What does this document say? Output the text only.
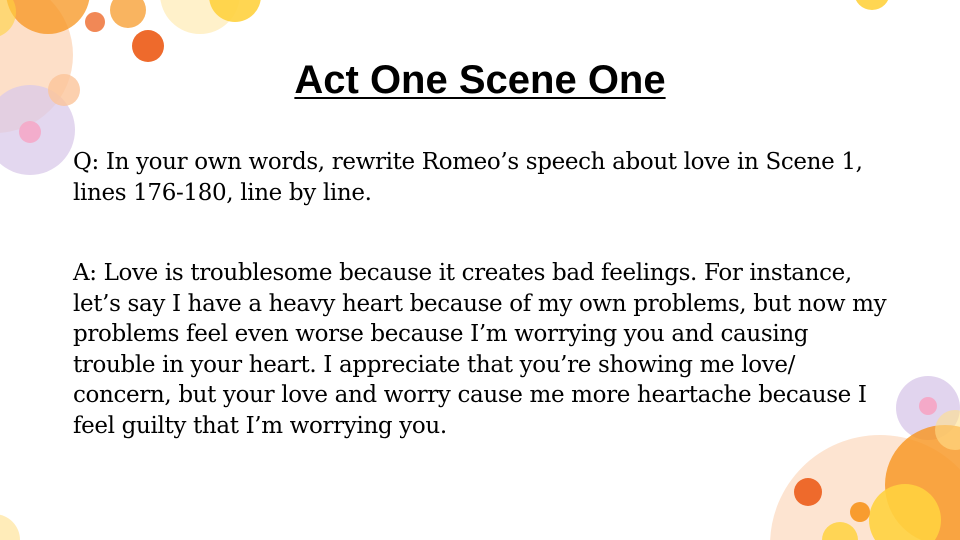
Act One Scene One
Q: In your own words, rewrite Romeo’s speech about love in Scene 1, lines 176-180, line by line.
A: Love is troublesome because it creates bad feelings. For instance, let’s say I have a heavy heart because of my own problems, but now my problems feel even worse because I’m worrying you and causing trouble in your heart. I appreciate that you’re showing me love/ concern, but your love and worry cause me more heartache because I feel guilty that I’m worrying you.
